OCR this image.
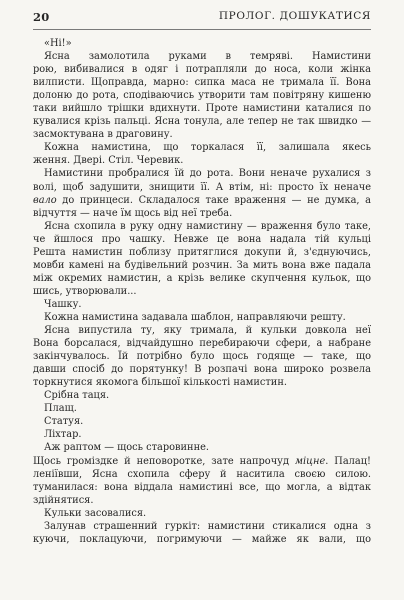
20	ПРОЛОГ. ДОШУКАТИСЯ
«Ні!»
Ясна замолотила руками в темряві. Намистини
рою, вибивалися в одяг і потрапляли до носа, коли жінка
вилписти. Щоправда, марно: сипка маса не тримала її. Вона
долоню до рота, сподіваючись утворити там повітряну кишеню
таки вийшло трішки вдихнути. Проте намистини каталися по
кувалися крізь пальці. Ясна тонула, але тепер не так швидко —
засмоктувана в драговину.
Кожна намистина, що торкалася її, залишала якесь
ження. Двері. Стіл. Черевик.
Намистини пробралися їй до рота. Вони неначе рухалися з
волі, щоб задушити, знищити її. А втім, ні: просто їх неначе
вало до принцеси. Складалося таке враження — не думка, а
відчуття — наче їм щось від неї треба.
Ясна схопила в руку одну намистину — враження було таке,
че йшлося про чашку. Невже це вона надала тій кульці
Решта намистин поблизу притяглися докупи й, з'єднуючись,
мовби камені на будівельний розчин. За мить вона вже падала
між окремих намистин, а крізь велике скупчення кульок, що
шись, утворювали...
Чашку.
Кожна намистина задавала шаблон, направляючи решту.
Ясна випустила ту, яку тримала, й кульки довкола неї
Вона борсалася, відчайдушно перебираючи сфери, а набране
закінчувалось. Їй потрібно було щось годяще — таке, що
давши спосіб до порятунку! В розпачі вона широко розвела
торкнутися якомога більшої кількості намистин.
Срібна таця.
Плащ.
Статуя.
Ліхтар.
Аж раптом — щось старовинне.
Щось громіздке й неповоротке, зате напрочуд міцне. Палац!
леніївши, Ясна схопила сферу й наситила своєю силою.
туманилася: вона віддала намистині все, що могла, а відтак
здійнятися.
Кульки засовалися.
Залунав страшенний гуркіт: намистини стикалися одна з
куючи, поклацуючи, погримуючи — майже як вали, що
